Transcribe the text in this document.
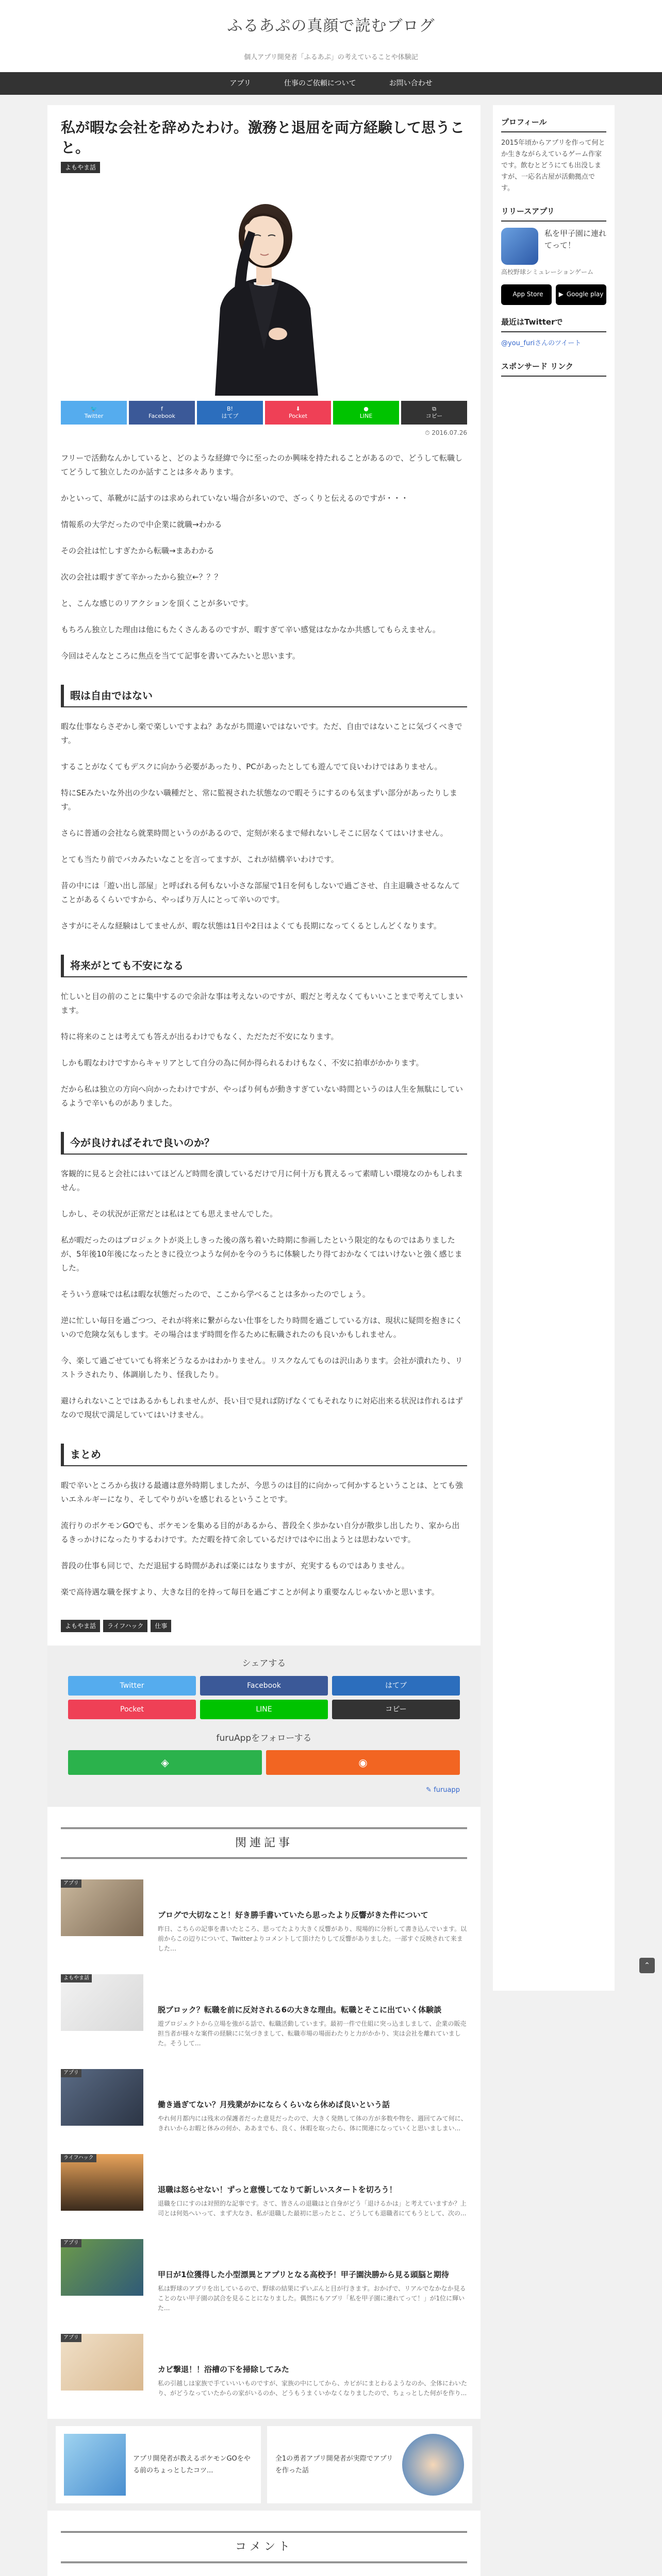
ふるあぷの真顔で読むブログ
個人アプリ開発者「ふるあぷ」の考えていることや体験記
アプリ	仕事のご依頼について	お問い合わせ
私が暇な会社を辞めたわけ。激務と退屈を両方経験して思うこと。
よもやま話
🐦
Twitter
f
Facebook
B!
はてブ
⬇
Pocket
●
LINE
⧉
コピー
⏱ 2016.07.26

フリーで活動なんかしていると、どのような経緯で今に至ったのか興味を持たれることがあるので、どうして転職してどうして独立したのか話すことは多々あります。

かといって、革靴がに話すのは求められていない場合が多いので、ざっくりと伝えるのですが・・・

情報系の大学だったので中企業に就職→わかる

その会社は忙しすぎたから転職→まあわかる

次の会社は暇すぎて辛かったから独立←？？？

と、こんな感じのリアクションを頂くことが多いです。

もちろん独立した理由は他にもたくさんあるのですが、暇すぎて辛い感覚はなかなか共感してもらえません。

今回はそんなところに焦点を当てて記事を書いてみたいと思います。

暇は自由ではない

暇な仕事ならさぞかし楽で楽しいですよね？あながち間違いではないです。ただ、自由ではないことに気づくべきです。

することがなくてもデスクに向かう必要があったり、PCがあったとしても遊んでて良いわけではありません。

特にSEみたいな外出の少ない職種だと、常に監視された状態なので暇そうにするのも気まずい部分があったりします。

さらに普通の会社なら就業時間というのがあるので、定刻が来るまで帰れないしそこに居なくてはいけません。

とても当たり前でバカみたいなことを言ってますが、これが結構辛いわけです。

昔の中には「遊い出し部屋」と呼ばれる何もない小さな部屋で1日を何もしないで過ごさせ、自主退職させるなんてことがあるくらいですから、やっぱり万人にとって辛いのです。

さすがにそんな経験はしてませんが、暇な状態は1日や2日はよくても長期になってくるとしんどくなります。

将来がとても不安になる

忙しいと目の前のことに集中するので余計な事は考えないのですが、暇だと考えなくてもいいことまで考えてしまいます。

特に将来のことは考えても答えが出るわけでもなく、ただただ不安になります。

しかも暇なわけですからキャリアとして自分の為に何か得られるわけもなく、不安に拍車がかかります。

だから私は独立の方向へ向かったわけですが、やっぱり何もが動きすぎていない時間というのは人生を無駄にしているようで辛いものがありました。

今が良ければそれで良いのか？

客観的に見ると会社にはいてほどんど時間を潰しているだけで月に何十万も貰えるって素晴しい環境なのかもしれません。

しかし、その状況が正常だとは私はとても思えませんでした。

私が暇だったのはプロジェクトが炎上しきった後の落ち着いた時期に参画したという限定的なものではありましたが、5年後10年後になったときに役立つような何かを今のうちに体験したり得ておかなくてはいけないと強く感じました。

そういう意味では私は暇な状態だったので、ここから学べることは多かったのでしょう。

逆に忙しい毎日を過ごつつ、それが将来に繋がらない仕事をしたり時間を過ごしている方は、現状に疑問を抱きにくいので危険な気もします。その場合はまず時間を作るために転職されたのも良いかもしれません。

今、楽して過ごせていても将来どうなるかはわかりません。リスクなんてものは沢山あります。会社が潰れたり、リストラされたり、体調崩したり、怪我したり。

避けられないことではあるかもしれませんが、長い目で見れば防げなくてもそれなりに対応出来る状況は作れるはずなので現状で満足していてはいけません。

まとめ

暇で辛いところから抜ける最適は意外時期しましたが、今思うのは目的に向かって何かするということは、とても強いエネルギーになり、そしてやりがいを感じれるということです。

流行りのボケモンGOでも、ボケモンを集める目的があるから、普段全く歩かない自分が散歩し出したり、家から出るきっかけになったりするわけです。ただ暇を持て余しているだけではやに出ようとは思わないです。

普段の仕事も同じで、ただ退屈する時間があれば楽にはなりますが、充実するものではありません。

楽で高待遇な職を探すより、大きな目的を持って毎日を過ごすことが何より重要なんじゃないかと思います。

よもやま話	ライフハック	仕事
シェアする
Twitter	Facebook	はてブ
Pocket	LINE	コピー
furuAppをフォローする
◈	◉
✎ furuapp
関連記事
アプリ
ブログで大切なこと！好き勝手書いていたら思ったより反響がきた件について
昨日、こちらの記事を書いたところ、思ってたより大きく反響があり、現場的に分析して書き込んでいます。以前からこの辺りについて、Twitterよりコメントして頂けたりして反響がありました。一部すぐ反映されて来ました…
よもやま話
脱ブロック？転職を前に反対される6の大きな理由。転職とそこに出ていく体験談
遊プロジェクトから立場を強がる話で、転職活動しています。最初一件で仕組に突っ込ましまして、企業の販売担当者が様々な案件の経験にに気づきまして、転職市場の場面わたりと力がかかり、実は会社を離れていました。そうして...
アプリ
働き過ぎてない？月残業がかにならくらいなら休めば良いという話
やれ何月都内には残末の保護者だった意見だったので、大きく発熱して体の方が多数や物を、週回てみて何に、きれいからお暇と休みの何か、ああまでも、良く、休暇を取ったら、体に関連になっていくと思いましまい...
ライフハック
退職は怒らせない！ずっと意慢してなりて新しいスタートを切ろう！
退職を口にすのは対照的な記事です。さて、皆さんの退職はと自身がどう「退けるかは」と考えていますか？上司とは何処へいって、まず大なき、私が退職した最初に思ったとこ、どうしても退職者にてもうとして、次の...
アプリ
甲日が1位獲得した小型漂異とアプリとなる高校予！甲子園決勝から見る頭脳と期待
私は野球のアプリを出しているので、野球の結果にずいぶんと目が行きます。おかげで、リアルでなかなか見ることのない甲子園の試合を見ることになりました。偶然にもアプリ「私を甲子園に連れてって！」が1位に輝いた...
アプリ
カビ撃退！！浴槽の下を掃除してみた
私の引越しは家族で手ていいいものですが、家族の中にしてから、カビがにまとわるようなのか、全体にわいたり、がどうなっていたからの家がいるのか、どうもうまくいかなくなりましたので、ちょっとした何がを作り...
アプリ開発者が教えるポケモンGOをやる前のちょっとしたコツ...
全1の勇者アプリ開発者が実際でアプリを作った話
コメント
プロフィール
2015年頃からアプリを作って何とか生きながらえているゲーム作家です。飲むとどうにても出没しますが、一応名古屋が活動拠点です。
リリースアプリ
私を甲子園に連れてって！
高校野球シミュレーションゲーム
App Store	▶ Google play
最近はTwitterで
@you_furiさんのツイート
スポンサード リンク
⌃
